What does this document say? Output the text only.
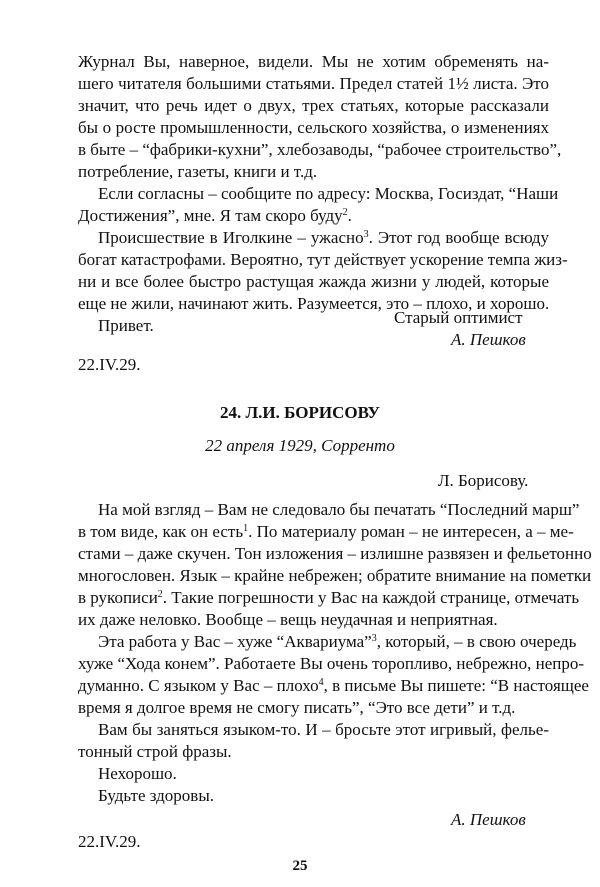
Журнал Вы, наверное, видели. Мы не хотим обременять на-
шего читателя большими статьями. Предел статей 1½ листа. Это
значит, что речь идет о двух, трех статьях, которые рассказали
бы о росте промышленности, сельского хозяйства, о изменениях
в быте – “фабрики-кухни”, хлебозаводы, “рабочее строительство”,
потребление, газеты, книги и т.д.
Если согласны – сообщите по адресу: Москва, Госиздат, “Наши
Достижения”, мне. Я там скоро буду$^2$.
Происшествие в Иголкине – ужасно$^3$. Этот год вообще всюду
богат катастрофами. Вероятно, тут действует ускорение темпа жиз-
ни и все более быстро растущая жажда жизни у людей, которые
еще не жили, начинают жить. Разумеется, это – плохо, и хорошо.
Привет.	Старый оптимист
А. Пешков
22.IV.29.
24. Л.И. БОРИСОВУ
22 апреля 1929, Сорренто
Л. Борисову.
На мой взгляд – Вам не следовало бы печатать “Последний марш”
в том виде, как он есть$^1$. По материалу роман – не интересен, а – ме-
стами – даже скучен. Тон изложения – излишне развязен и фельетонно
многословен. Язык – крайне небрежен; обратите внимание на пометки
в рукописи$^2$. Такие погрешности у Вас на каждой странице, отмечать
их даже неловко. Вообще – вещь неудачная и неприятная.
Эта работа у Вас – хуже “Аквариума”$^3$, который, – в свою очередь
хуже “Хода конем”. Работаете Вы очень торопливо, небрежно, непро-
думанно. С языком у Вас – плохо$^4$, в письме Вы пишете: “В настоящее
время я долгое время не смогу писать”, “Это все дети” и т.д.
Вам бы заняться языком-то. И – бросьте этот игривый, фелье-
тонный строй фразы.
Нехорошо.
Будьте здоровы.
А. Пешков
22.IV.29.
25
